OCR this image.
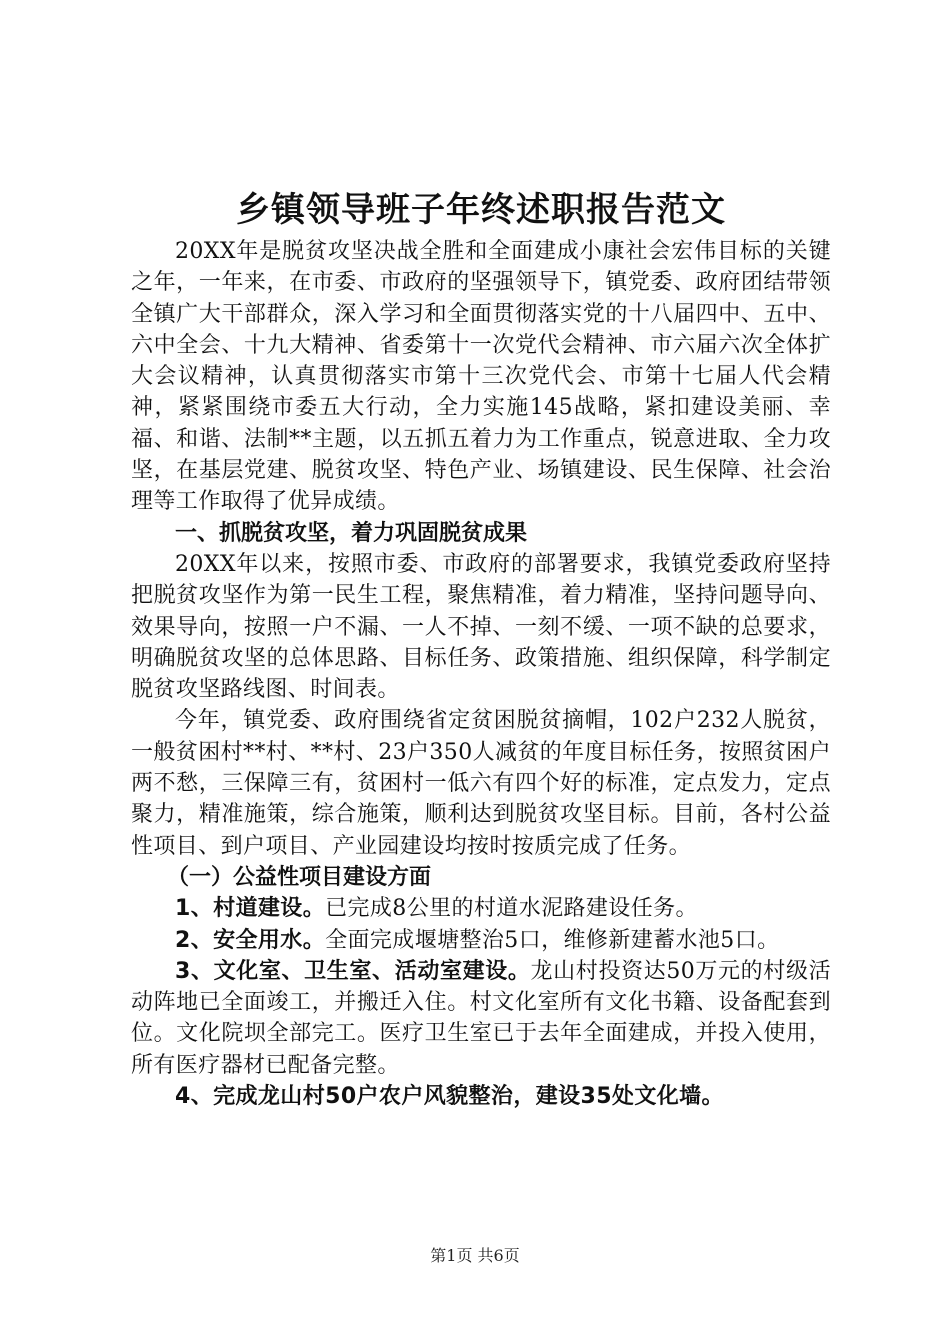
乡镇领导班子年终述职报告范文

20XX年是脱贫攻坚决战全胜和全面建成小康社会宏伟目标的关键之年，一年来，在市委、市政府的坚强领导下，镇党委、政府团结带领全镇广大干部群众，深入学习和全面贯彻落实党的十八届四中、五中、六中全会、十九大精神、省委第十一次党代会精神、市六届六次全体扩大会议精神，认真贯彻落实市第十三次党代会、市第十七届人代会精神，紧紧围绕市委五大行动，全力实施145战略，紧扣建设美丽、幸福、和谐、法制**主题，以五抓五着力为工作重点，锐意进取、全力攻坚，在基层党建、脱贫攻坚、特色产业、场镇建设、民生保障、社会治理等工作取得了优异成绩。

一、抓脱贫攻坚，着力巩固脱贫成果

20XX年以来，按照市委、市政府的部署要求，我镇党委政府坚持把脱贫攻坚作为第一民生工程，聚焦精准，着力精准，坚持问题导向、效果导向，按照一户不漏、一人不掉、一刻不缓、一项不缺的总要求，明确脱贫攻坚的总体思路、目标任务、政策措施、组织保障，科学制定脱贫攻坚路线图、时间表。

今年，镇党委、政府围绕省定贫困脱贫摘帽，102户232人脱贫，一般贫困村**村、**村、23户350人减贫的年度目标任务，按照贫困户两不愁，三保障三有，贫困村一低六有四个好的标准，定点发力，定点聚力，精准施策，综合施策，顺利达到脱贫攻坚目标。目前，各村公益性项目、到户项目、产业园建设均按时按质完成了任务。

（一）公益性项目建设方面

1、村道建设。已完成8公里的村道水泥路建设任务。

2、安全用水。全面完成堰塘整治5口，维修新建蓄水池5口。

3、文化室、卫生室、活动室建设。龙山村投资达50万元的村级活动阵地已全面竣工，并搬迁入住。村文化室所有文化书籍、设备配套到位。文化院坝全部完工。医疗卫生室已于去年全面建成，并投入使用，所有医疗器材已配备完整。

4、完成龙山村50户农户风貌整治，建设35处文化墙。

第1页 共6页
